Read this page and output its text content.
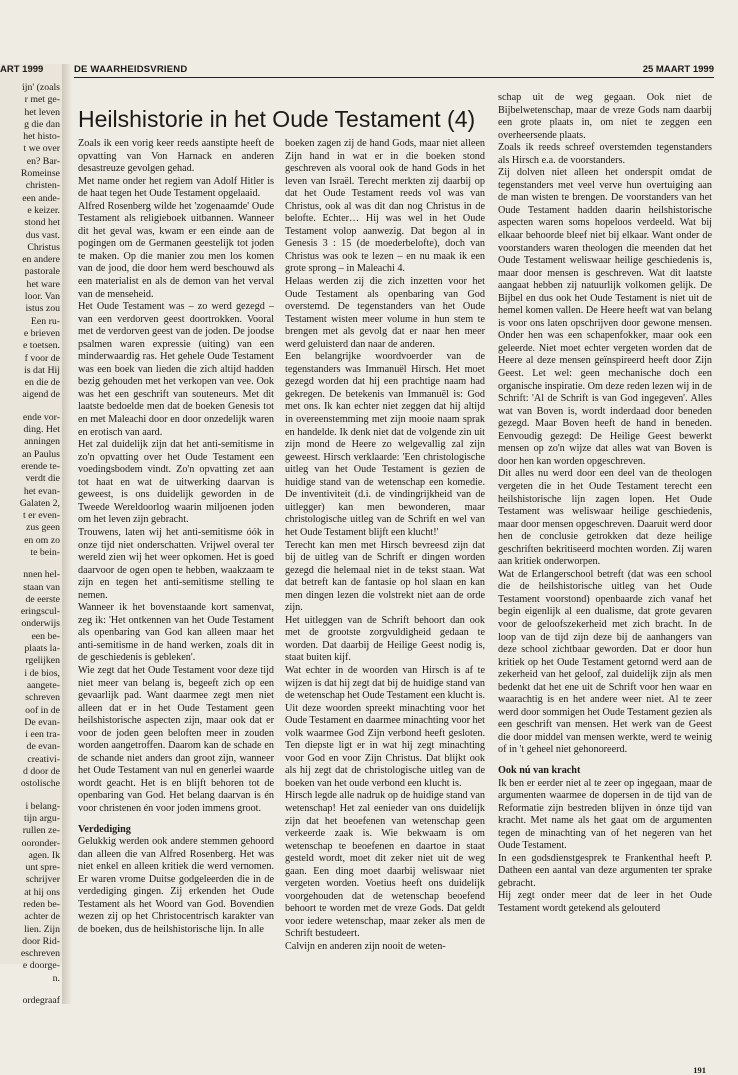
ART 1999
ijn' (zoals
r met ge-
het leven
g die dan
het histo-
t we over
en? Bar-
Romeinse
christen-
een ande-
e keizer.
stond het
dus vast.
Christus
en andere
pastorale
het ware
loor. Van
istus zou
Een ru-
e brieven
e toetsen.
f voor de
is dat Hij
en die de
aigend de
ende vor-
ding. Het
anningen
an Paulus
erende te-
verdt die
het evan-
Galaten 2,
t er even-
zus geen
en om zo
te bein-
nnen hel-
staan van
de eerste
eringscul-
onderwijs
een be-
plaats la-
rgelijken
i de bios,
aangete-
schreven
oof in de
De evan-
i een tra-
de evan-
creativi-
d door de
ostolische
i belang-
tijn argu-
rullen ze-
ooronder-
agen. Ik
unt spre-
schrijver
at hij ons
reden be-
achter de
lien. Zijn
door Rid-
eschreven
e doorge-
n.
ordegraaf
DE WAARHEIDSVRIEND	25 MAART 1999
Heilshistorie in het Oude Testament (4)

Zoals ik een vorig keer reeds aanstipte heeft de opvatting van Von Harnack en anderen desastreuze gevolgen gehad.

Met name onder het regiem van Adolf Hitler is de haat tegen het Oude Testament opgelaaid.

Alfred Rosenberg wilde het 'zogenaamde' Oude Testament als religieboek uitbannen. Wanneer dit het geval was, kwam er een einde aan de pogingen om de Germanen geestelijk tot joden te maken. Op die manier zou men los komen van de jood, die door hem werd beschouwd als een materialist en als de demon van het verval van de menseheid.

Het Oude Testament was – zo werd gezegd – van een verdorven geest doortrokken. Vooral met de verdorven geest van de joden. De joodse psalmen waren expressie (uiting) van een minderwaardig ras. Het gehele Oude Testament was een boek van lieden die zich altijd hadden bezig gehouden met het verkopen van vee. Ook was het een geschrift van souteneurs. Met dit laatste bedoelde men dat de boeken Genesis tot en met Maleachi door en door onzedelijk waren en erotisch van aard.

Het zal duidelijk zijn dat het anti-semitisme in zo'n opvatting over het Oude Testament een voedingsbodem vindt. Zo'n opvatting zet aan tot haat en wat de uitwerking daarvan is geweest, is ons duidelijk geworden in de Tweede Wereldoorlog waarin miljoenen joden om het leven zijn gebracht.

Trouwens, laten wij het anti-semitisme óók in onze tijd niet onderschatten. Vrijwel overal ter wereld zien wij het weer opkomen. Het is goed daarvoor de ogen open te hebben, waakzaam te zijn en tegen het anti-semitisme stelling te nemen.

Wanneer ik het bovenstaande kort samenvat, zeg ik: 'Het ontkennen van het Oude Testament als openbaring van God kan alleen maar het anti-semitisme in de hand werken, zoals dit in de geschiedenis is gebleken'.

Wie zegt dat het Oude Testament voor deze tijd niet meer van belang is, begeeft zich op een gevaarlijk pad. Want daarmee zegt men niet alleen dat er in het Oude Testament geen heilshistorische aspecten zijn, maar ook dat er voor de joden geen beloften meer in zouden worden aangetroffen. Daarom kan de schade en de schande niet anders dan groot zijn, wanneer het Oude Testament van nul en generlei waarde wordt geacht. Het is en blijft behoren tot de openbaring van God. Het belang daarvan is én voor christenen én voor joden immens groot.

Verdediging

Gelukkig werden ook andere stemmen gehoord dan alleen die van Alfred Rosenberg. Het was niet enkel en alleen kritiek die werd vernomen. Er waren vrome Duitse godgeleerden die in de verdediging gingen. Zij erkenden het Oude Testament als het Woord van God. Bovendien wezen zij op het Christocentrisch karakter van de boeken, dus de heilshistorische lijn. In alle

boeken zagen zij de hand Gods, maar niet alleen Zijn hand in wat er in die boeken stond geschreven als vooral ook de hand Gods in het leven van Israël. Terecht merkten zij daarbij op dat het Oude Testament reeds vol was van Christus, ook al was dit dan nog Christus in de belofte. Echter… Hij was wel in het Oude Testament volop aanwezig. Dat begon al in Genesis 3 : 15 (de moederbelofte), doch van Christus was ook te lezen – en nu maak ik een grote sprong – in Maleachi 4.

Helaas werden zij die zich inzetten voor het Oude Testament als openbaring van God overstemd. De tegenstanders van het Oude Testament wisten meer volume in hun stem te brengen met als gevolg dat er naar hen meer werd geluisterd dan naar de anderen.

Een belangrijke woordvoerder van de tegenstanders was Immanuël Hirsch. Het moet gezegd worden dat hij een prachtige naam had gekregen. De betekenis van Immanuël is: God met ons. Ik kan echter niet zeggen dat hij altijd in overeenstemming met zijn mooie naam sprak en handelde. Ik denk niet dat de volgende zin uit zijn mond de Heere zo welgevallig zal zijn geweest. Hirsch verklaarde: 'Een christologische uitleg van het Oude Testament is gezien de huidige stand van de wetenschap een komedie. De inventiviteit (d.i. de vindingrijkheid van de uitlegger) kan men bewonderen, maar christologische uitleg van de Schrift en wel van het Oude Testament blijft een klucht!'

Terecht kan men met Hirsch bevreesd zijn dat bij de uitleg van de Schrift er dingen worden gezegd die helemaal niet in de tekst staan. Wat dat betreft kan de fantasie op hol slaan en kan men dingen lezen die volstrekt niet aan de orde zijn.

Het uitleggen van de Schrift behoort dan ook met de grootste zorgvuldigheid gedaan te worden. Dat daarbij de Heilige Geest nodig is, staat buiten kijf.

Wat echter in de woorden van Hirsch is af te wijzen is dat hij zegt dat bij de huidige stand van de wetenschap het Oude Testament een klucht is. Uit deze woorden spreekt minachting voor het Oude Testament en daarmee minachting voor het volk waarmee God Zijn verbond heeft gesloten. Ten diepste ligt er in wat hij zegt minachting voor God en voor Zijn Christus. Dat blijkt ook als hij zegt dat de christologische uitleg van de boeken van het oude verbond een klucht is.

Hirsch legde alle nadruk op de huidige stand van wetenschap! Het zal eenieder van ons duidelijk zijn dat het beoefenen van wetenschap geen verkeerde zaak is. Wie bekwaam is om wetenschap te beoefenen en daartoe in staat gesteld wordt, moet dit zeker niet uit de weg gaan. Een ding moet daarbij weliswaar niet vergeten worden. Voetius heeft ons duidelijk voorgehouden dat de wetenschap beoefend behoort te worden met de vreze Gods. Dat geldt voor iedere wetenschap, maar zeker als men de Schrift bestudeert.

Calvijn en anderen zijn nooit de weten-

schap uit de weg gegaan. Ook niet de Bijbelwetenschap, maar de vreze Gods nam daarbij een grote plaats in, om niet te zeggen een overheersende plaats.

Zoals ik reeds schreef overstemden tegenstanders als Hirsch e.a. de voorstanders.

Zij dolven niet alleen het onderspit omdat de tegenstanders met veel verve hun overtuiging aan de man wisten te brengen. De voorstanders van het Oude Testament hadden daarin heilshistorische aspecten waren soms hopeloos verdeeld. Wat bij elkaar behoorde bleef niet bij elkaar. Want onder de voorstanders waren theologen die meenden dat het Oude Testament weliswaar heilige geschiedenis is, maar door mensen is geschreven. Wat dit laatste aangaat hebben zij natuurlijk volkomen gelijk. De Bijbel en dus ook het Oude Testament is niet uit de hemel komen vallen. De Heere heeft wat van belang is voor ons laten opschrijven door gewone mensen. Onder hen was een schapenfokker, maar ook een geleerde. Niet moet echter vergeten worden dat de Heere al deze mensen geïnspireerd heeft door Zijn Geest. Let wel: geen mechanische doch een organische inspiratie. Om deze reden lezen wij in de Schrift: 'Al de Schrift is van God ingegeven'. Alles wat van Boven is, wordt inderdaad door beneden gezegd. Maar Boven heeft de hand in beneden. Eenvoudig gezegd: De Heilige Geest bewerkt mensen op zo'n wijze dat alles wat van Boven is door hen kan worden opgeschreven.

Dit alles nu werd door een deel van de theologen vergeten die in het Oude Testament terecht een heilshistorische lijn zagen lopen. Het Oude Testament was weliswaar heilige geschiedenis, maar door mensen opgeschreven. Daaruit werd door hen de conclusie getrokken dat deze heilige geschriften bekritiseerd mochten worden. Zij waren aan kritiek onderworpen.

Wat de Erlangerschool betreft (dat was een school die de heilshistorische uitleg van het Oude Testament voorstond) openbaarde zich vanaf het begin eigenlijk al een dualisme, dat grote gevaren voor de geloofszekerheid met zich bracht. In de loop van de tijd zijn deze bij de aanhangers van deze school zichtbaar geworden. Dat er door hun kritiek op het Oude Testament getornd werd aan de zekerheid van het geloof, zal duidelijk zijn als men bedenkt dat het ene uit de Schrift voor hen waar en waarachtig is en het andere weer niet. Al te zeer werd door sommigen het Oude Testament gezien als een geschrift van mensen. Het werk van de Geest die door middel van mensen werkte, werd te weinig of in 't geheel niet gehonoreerd.

Ook nú van kracht

Ik ben er eerder niet al te zeer op ingegaan, maar de argumenten waarmee de dopersen in de tijd van de Reformatie zijn bestreden blijven in ónze tijd van kracht. Met name als het gaat om de argumenten tegen de minachting van of het negeren van het Oude Testament.

In een godsdienstgesprek te Frankenthal heeft P. Datheen een aantal van deze argumenten ter sprake gebracht.

Hij zegt onder meer dat de leer in het Oude Testament wordt getekend als gelouterd

191
